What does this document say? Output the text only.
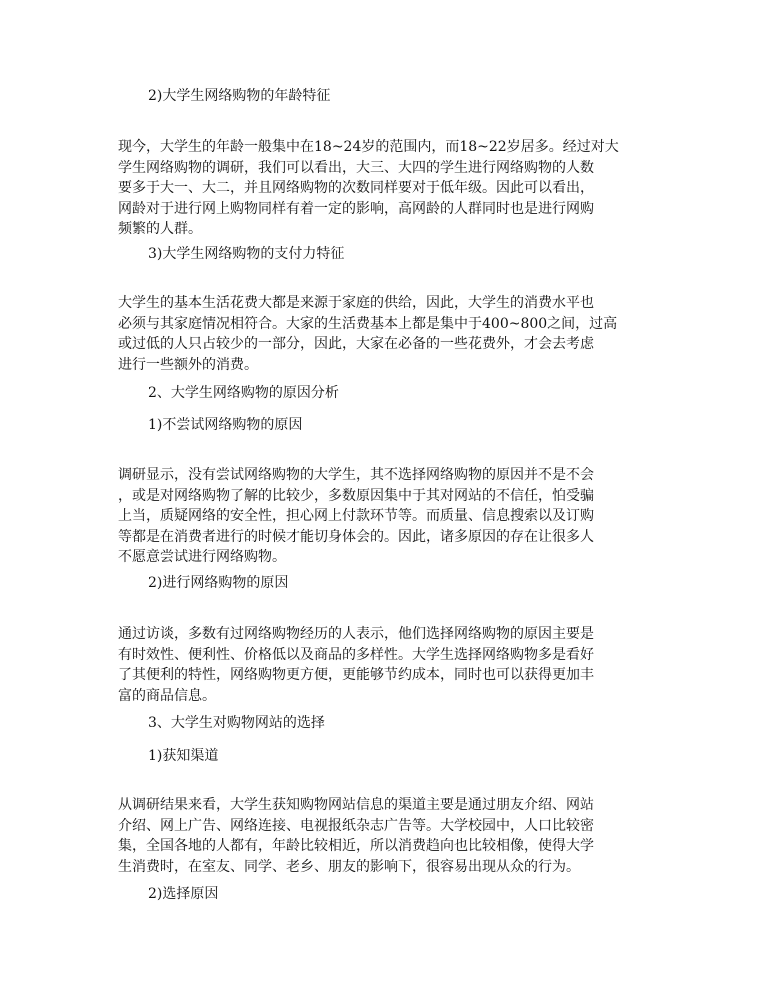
2)大学生网络购物的年龄特征
现今，大学生的年龄一般集中在18~24岁的范围内，而18~22岁居多。经过对大
学生网络购物的调研，我们可以看出，大三、大四的学生进行网络购物的人数
要多于大一、大二，并且网络购物的次数同样要对于低年级。因此可以看出，
网龄对于进行网上购物同样有着一定的影响，高网龄的人群同时也是进行网购
频繁的人群。
3)大学生网络购物的支付力特征
大学生的基本生活花费大都是来源于家庭的供给，因此，大学生的消费水平也
必须与其家庭情况相符合。大家的生活费基本上都是集中于400~800之间，过高
或过低的人只占较少的一部分，因此，大家在必备的一些花费外，才会去考虑
进行一些额外的消费。
2、大学生网络购物的原因分析
1)不尝试网络购物的原因
调研显示，没有尝试网络购物的大学生，其不选择网络购物的原因并不是不会
，或是对网络购物了解的比较少，多数原因集中于其对网站的不信任，怕受骗
上当，质疑网络的安全性，担心网上付款环节等。而质量、信息搜索以及订购
等都是在消费者进行的时候才能切身体会的。因此，诸多原因的存在让很多人
不愿意尝试进行网络购物。
2)进行网络购物的原因
通过访谈，多数有过网络购物经历的人表示，他们选择网络购物的原因主要是
有时效性、便利性、价格低以及商品的多样性。大学生选择网络购物多是看好
了其便利的特性，网络购物更方便，更能够节约成本，同时也可以获得更加丰
富的商品信息。
3、大学生对购物网站的选择
1)获知渠道
从调研结果来看，大学生获知购物网站信息的渠道主要是通过朋友介绍、网站
介绍、网上广告、网络连接、电视报纸杂志广告等。大学校园中，人口比较密
集，全国各地的人都有，年龄比较相近，所以消费趋向也比较相像，使得大学
生消费时，在室友、同学、老乡、朋友的影响下，很容易出现从众的行为。
2)选择原因
